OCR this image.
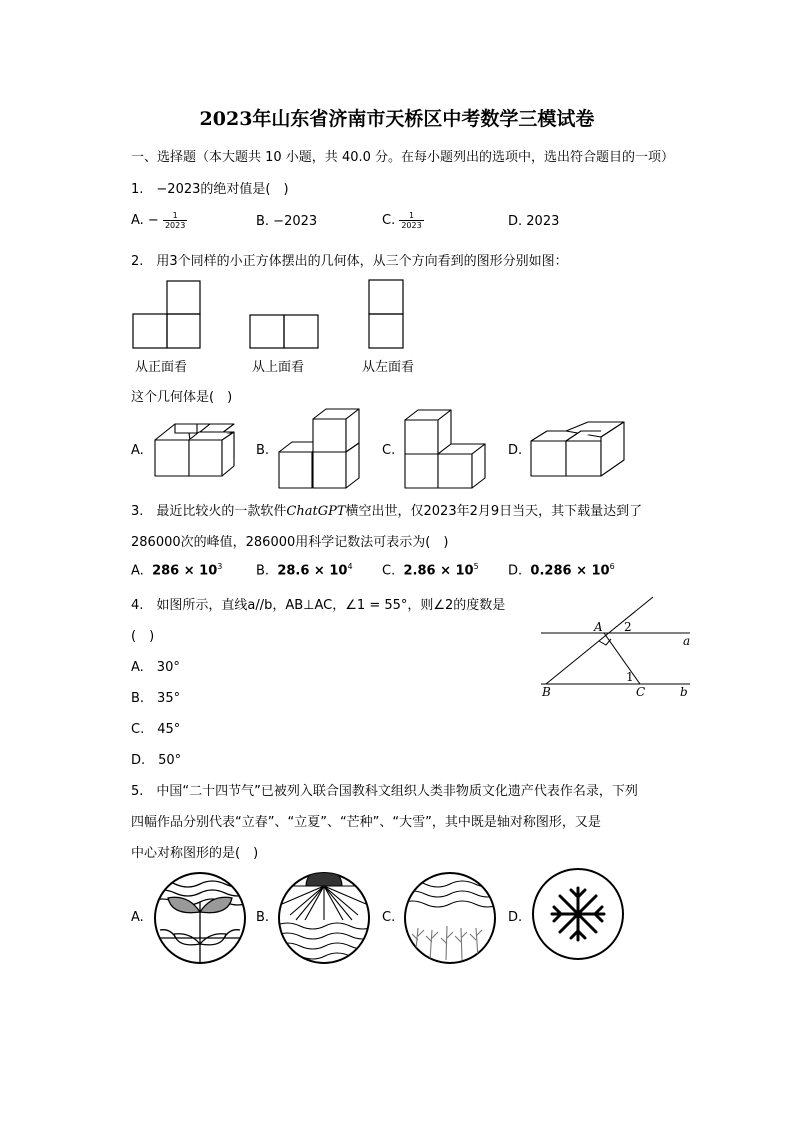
2023年山东省济南市天桥区中考数学三模试卷
一、选择题（本大题共 10 小题，共 40.0 分。在每小题列出的选项中，选出符合题目的一项）
1.　−2023的绝对值是(　)
A. − $\frac{1}{2023}$	B. −2023	C. $\frac{1}{2023}$	D. 2023
2.　用3个同样的小正方体摆出的几何体，从三个方向看到的图形分别如图：
从正面看	从上面看	从左面看
这个几何体是(　)
A.	B.	C.	D.
3.　最近比较火的一款软件ChatGPT横空出世，仅2023年2月9日当天，其下载量达到了
286000次的峰值，286000用科学记数法可表示为(　)
A. $286 \times 10^3$	B. $28.6 \times 10^4$ C. $2.86 \times 10^5$ D. $0.286 \times 10^6$
4.　如图所示，直线a//b，AB⊥AC，∠1 = 55°，则∠2的度数是
(　)
A.　30°
B.　35°
C.　45°
D.　50°
A 2
a
1
B	C	b
5.　中国“二十四节气”已被列入联合国教科文组织人类非物质文化遗产代表作名录，下列
四幅作品分别代表“立春”、“立夏”、“芒种”、“大雪”，其中既是轴对称图形，又是
中心对称图形的是(　)
A.	B.	C.	D.
